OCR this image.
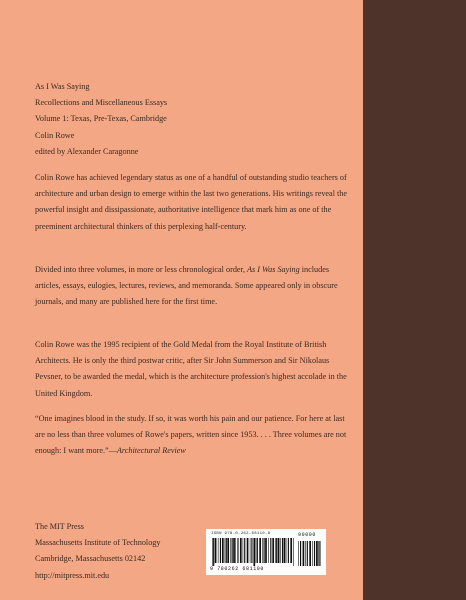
As I Was Saying
Recollections and Miscellaneous Essays
Volume 1: Texas, Pre-Texas, Cambridge
Colin Rowe
edited by Alexander Caragonne

Colin Rowe has achieved legendary status as one of a handful of outstanding studio teachers of architecture and urban design to emerge within the last two generations. His writings reveal the powerful insight and dissipassionate, authoritative intelligence that mark him as one of the preeminent architectural thinkers of this perplexing half-century.

Divided into three volumes, in more or less chronological order, As I Was Saying includes articles, essays, eulogies, lectures, reviews, and memoranda. Some appeared only in obscure journals, and many are published here for the first time.

Colin Rowe was the 1995 recipient of the Gold Medal from the Royal Institute of British Architects. He is only the third postwar critic, after Sir John Summerson and Sir Nikolaus Pevsner, to be awarded the medal, which is the architecture profession's highest accolade in the United Kingdom.

“One imagines blood in the study. If so, it was worth his pain and our patience. For here at last are no less than three volumes of Rowe's papers, written since 1953. . . . Three volumes are not enough: I want more.”—Architectural Review

The MIT Press
Massachusetts Institute of Technology
Cambridge, Massachusetts 02142
http://mitpress.mit.edu
ISBN 978-0-262-68110-8	90000
9 780262 681100
